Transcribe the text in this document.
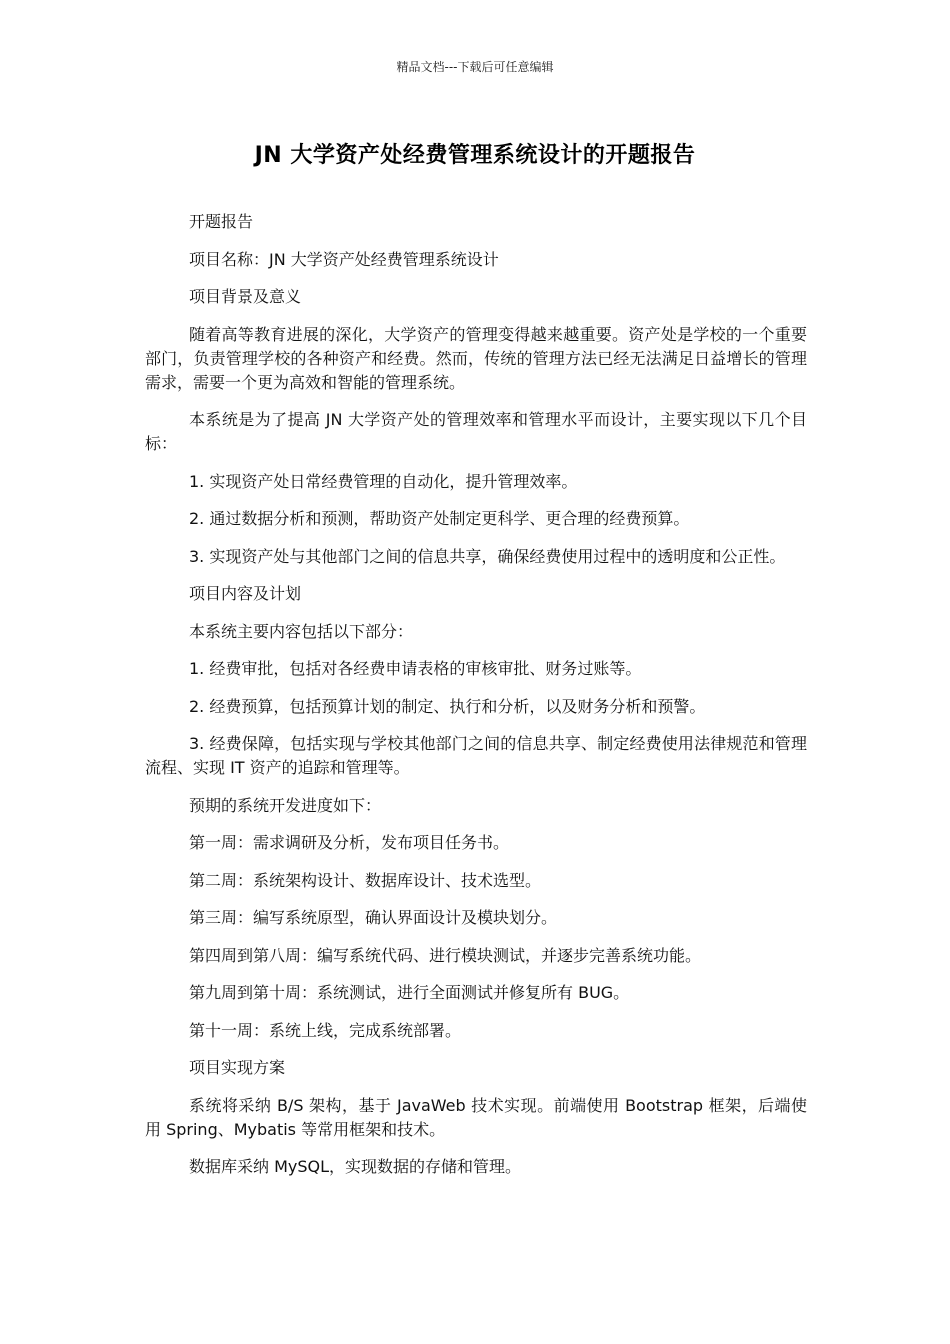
精品文档---下载后可任意编辑
JN 大学资产处经费管理系统设计的开题报告

开题报告

项目名称：JN 大学资产处经费管理系统设计

项目背景及意义

随着高等教育进展的深化，大学资产的管理变得越来越重要。资产处是学校的一个重要部门，负责管理学校的各种资产和经费。然而，传统的管理方法已经无法满足日益增长的管理需求，需要一个更为高效和智能的管理系统。

本系统是为了提高 JN 大学资产处的管理效率和管理水平而设计，主要实现以下几个目标：

1. 实现资产处日常经费管理的自动化，提升管理效率。

2. 通过数据分析和预测，帮助资产处制定更科学、更合理的经费预算。

3. 实现资产处与其他部门之间的信息共享，确保经费使用过程中的透明度和公正性。

项目内容及计划

本系统主要内容包括以下部分：

1. 经费审批，包括对各经费申请表格的审核审批、财务过账等。

2. 经费预算，包括预算计划的制定、执行和分析，以及财务分析和预警。

3. 经费保障，包括实现与学校其他部门之间的信息共享、制定经费使用法律规范和管理流程、实现 IT 资产的追踪和管理等。

预期的系统开发进度如下：

第一周：需求调研及分析，发布项目任务书。

第二周：系统架构设计、数据库设计、技术选型。

第三周：编写系统原型，确认界面设计及模块划分。

第四周到第八周：编写系统代码、进行模块测试，并逐步完善系统功能。

第九周到第十周：系统测试，进行全面测试并修复所有 BUG。

第十一周：系统上线，完成系统部署。

项目实现方案

系统将采纳 B/S 架构，基于 JavaWeb 技术实现。前端使用 Bootstrap 框架，后端使用 Spring、Mybatis 等常用框架和技术。

数据库采纳 MySQL，实现数据的存储和管理。
